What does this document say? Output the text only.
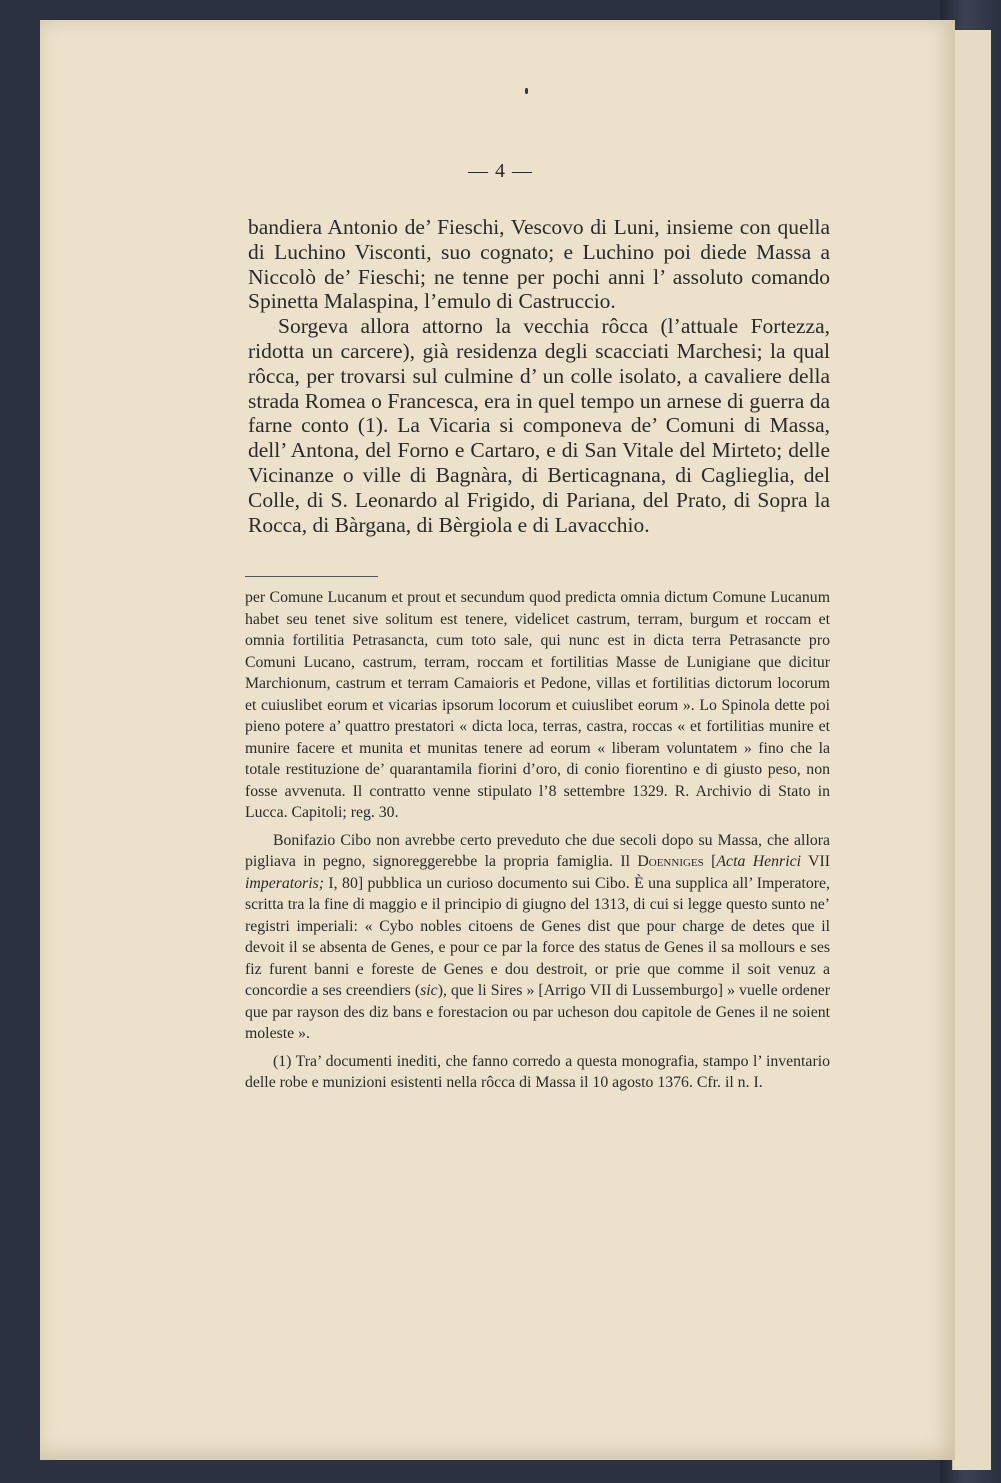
— 4 —

bandiera Antonio de’ Fieschi, Vescovo di Luni, insieme con quella di Luchino Visconti, suo cognato; e Luchino poi diede Massa a Niccolò de’ Fieschi; ne tenne per pochi anni l’ assoluto comando Spinetta Malaspina, l’emulo di Castruccio.

Sorgeva allora attorno la vecchia rôcca (l’attuale Fortezza, ridotta un carcere), già residenza degli scacciati Marchesi; la qual rôcca, per trovarsi sul culmine d’ un colle isolato, a cavaliere della strada Romea o Francesca, era in quel tempo un arnese di guerra da farne conto (1). La Vicaria si componeva de’ Comuni di Massa, dell’ Antona, del Forno e Cartaro, e di San Vitale del Mirteto; delle Vicinanze o ville di Bagnàra, di Berticagnana, di Caglieglia, del Colle, di S. Leonardo al Frigido, di Pariana, del Prato, di Sopra la Rocca, di Bàrgana, di Bèrgiola e di Lavacchio.

per Comune Lucanum et prout et secundum quod predicta omnia dictum Comune Lucanum habet seu tenet sive solitum est tenere, videlicet castrum, terram, burgum et roccam et omnia fortilitia Petrasancta, cum toto sale, qui nunc est in dicta terra Petrasancte pro Comuni Lucano, castrum, terram, roccam et fortilitias Masse de Lunigiane que dicitur Marchionum, castrum et terram Camaioris et Pedone, villas et fortilitias dictorum locorum et cuiuslibet eorum et vicarias ipsorum locorum et cuiuslibet eorum ». Lo Spinola dette poi pieno potere a’ quattro prestatori « dicta loca, terras, castra, roccas « et fortilitias munire et munire facere et munita et munitas tenere ad eorum « liberam voluntatem » fino che la totale restituzione de’ quarantamila fiorini d’oro, di conio fiorentino e di giusto peso, non fosse avvenuta. Il contratto venne stipulato l’8 settembre 1329. R. Archivio di Stato in Lucca. Capitoli; reg. 30.

Bonifazio Cibo non avrebbe certo preveduto che due secoli dopo su Massa, che allora pigliava in pegno, signoreggerebbe la propria famiglia. Il Doenniges [Acta Henrici VII imperatoris; I, 80] pubblica un curioso documento sui Cibo. È una supplica all’ Imperatore, scritta tra la fine di maggio e il principio di giugno del 1313, di cui si legge questo sunto ne’ registri imperiali: « Cybo nobles citoens de Genes dist que pour charge de detes que il devoit il se absenta de Genes, e pour ce par la force des status de Genes il sa mollours e ses fiz furent banni e foreste de Genes e dou destroit, or prie que comme il soit venuz a concordie a ses creendiers (sic), que li Sires » [Arrigo VII di Lussemburgo] » vuelle ordener que par rayson des diz bans e forestacion ou par ucheson dou capitole de Genes il ne soient moleste ».

(1) Tra’ documenti inediti, che fanno corredo a questa monografia, stampo l’ inventario delle robe e munizioni esistenti nella rôcca di Massa il 10 agosto 1376. Cfr. il n. I.
